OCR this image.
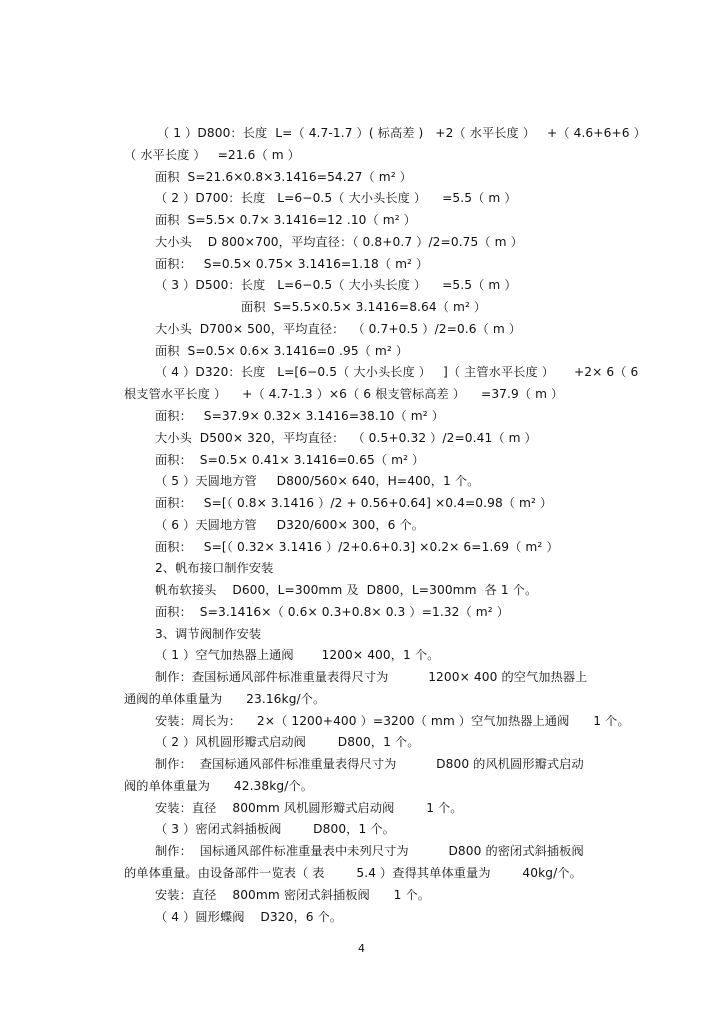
（ 1 ）D800：长度  L=（ 4.7-1.7 ）( 标高差 )   +2（ 水平长度 ）   +（ 4.6+6+6 ）
（ 水平长度 ）   =21.6（ m ）
面积  S=21.6×0.8×3.1416=54.27（ m² ）
（ 2 ）D700：长度   L=6−0.5（ 大小头长度 ）    =5.5（ m ）
面积  S=5.5× 0.7× 3.1416=12 .10（ m² ）
大小头    D 800×700，平均直径：（ 0.8+0.7 ）/2=0.75（ m ）
面积：   S=0.5× 0.75× 3.1416=1.18（ m² ）
（ 3 ）D500：长度   L=6−0.5（ 大小头长度 ）    =5.5（ m ）
面积  S=5.5×0.5× 3.1416=8.64（ m² ）
大小头  D700× 500，平均直径：  （ 0.7+0.5 ）/2=0.6（ m ）
面积  S=0.5× 0.6× 3.1416=0 .95（ m² ）
（ 4 ）D320：长度   L=[6−0.5（ 大小头长度 ）   ]（ 主管水平长度 ）     +2× 6（ 6
根支管水平长度 ）    +（ 4.7-1.3 ）×6（ 6 根支管标高差 ）    =37.9（ m ）
面积：   S=37.9× 0.32× 3.1416=38.10（ m² ）
大小头  D500× 320，平均直径：  （ 0.5+0.32 ）/2=0.41（ m ）
面积：  S=0.5× 0.41× 3.1416=0.65（ m² ）
（ 5 ）天圆地方管     D800/560× 640，H=400，1 个。
面积：   S=[（ 0.8× 3.1416 ）/2 + 0.56+0.64] ×0.4=0.98（ m² ）
（ 6 ）天圆地方管     D320/600× 300，6 个。
面积：   S=[（ 0.32× 3.1416 ）/2+0.6+0.3] ×0.2× 6=1.69（ m² ）
2、帆布接口制作安装
帆布软接头    D600，L=300mm 及  D800，L=300mm  各 1 个。
面积：  S=3.1416×（ 0.6× 0.3+0.8× 0.3 ）=1.32（ m² ）
3、调节阀制作安装
（ 1 ）空气加热器上通阀       1200× 400，1 个。
制作：查国标通风部件标准重量表得尺寸为          1200× 400 的空气加热器上
通阀的单体重量为      23.16kg/个。
安装：周长为：    2×（ 1200+400 ）=3200（ mm ）空气加热器上通阀      1 个。
（ 2 ）风机圆形瓣式启动阀        D800，1 个。
制作：  查国标通风部件标准重量表得尺寸为          D800 的风机圆形瓣式启动
阀的单体重量为      42.38kg/个。
安装：直径    800mm 风机圆形瓣式启动阀        1 个。
（ 3 ）密闭式斜插板阀        D800，1 个。
制作：  国标通风部件标准重量表中未列尺寸为          D800 的密闭式斜插板阀
的单体重量。由设备部件一览表（ 表        5.4 ）查得其单体重量为        40kg/个。
安装：直径    800mm 密闭式斜插板阀      1 个。
（ 4 ）圆形蝶阀    D320，6 个。
4
